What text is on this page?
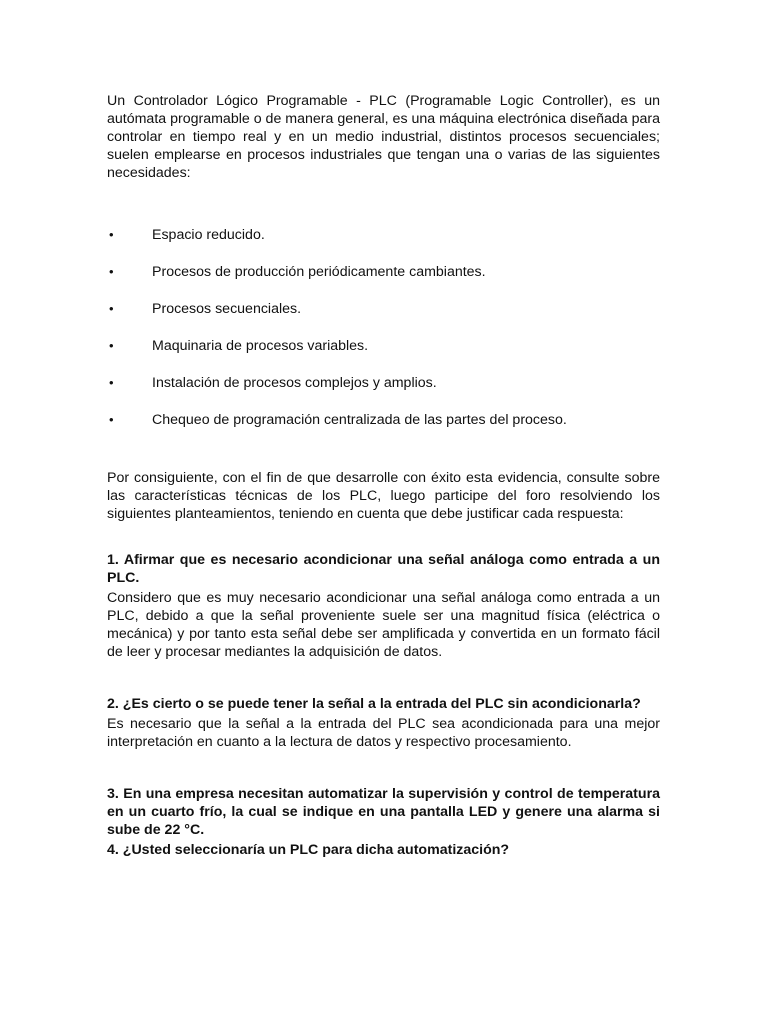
Un Controlador Lógico Programable - PLC (Programable Logic Controller), es un autómata programable o de manera general, es una máquina electrónica diseñada para controlar en tiempo real y en un medio industrial, distintos procesos secuenciales; suelen emplearse en procesos industriales que tengan una o varias de las siguientes necesidades:

•	Espacio reducido.
•	Procesos de producción periódicamente cambiantes.
•	Procesos secuenciales.
•	Maquinaria de procesos variables.
•	Instalación de procesos complejos y amplios.
•	Chequeo de programación centralizada de las partes del proceso.

Por consiguiente, con el fin de que desarrolle con éxito esta evidencia, consulte sobre las características técnicas de los PLC, luego participe del foro resolviendo los siguientes planteamientos, teniendo en cuenta que debe justificar cada respuesta:

1. Afirmar que es necesario acondicionar una señal análoga como entrada a un PLC.

Considero que es muy necesario acondicionar una señal análoga como entrada a un PLC, debido a que la señal proveniente suele ser una magnitud física (eléctrica o mecánica) y por tanto esta señal debe ser amplificada y convertida en un formato fácil de leer y procesar mediantes la adquisición de datos.

2. ¿Es cierto o se puede tener la señal a la entrada del PLC sin acondicionarla?

Es necesario que la señal a la entrada del PLC sea acondicionada para una mejor interpretación en cuanto a la lectura de datos y respectivo procesamiento.

3. En una empresa necesitan automatizar la supervisión y control de temperatura en un cuarto frío, la cual se indique en una pantalla LED y genere una alarma si sube de 22 °C.

4. ¿Usted seleccionaría un PLC para dicha automatización?
